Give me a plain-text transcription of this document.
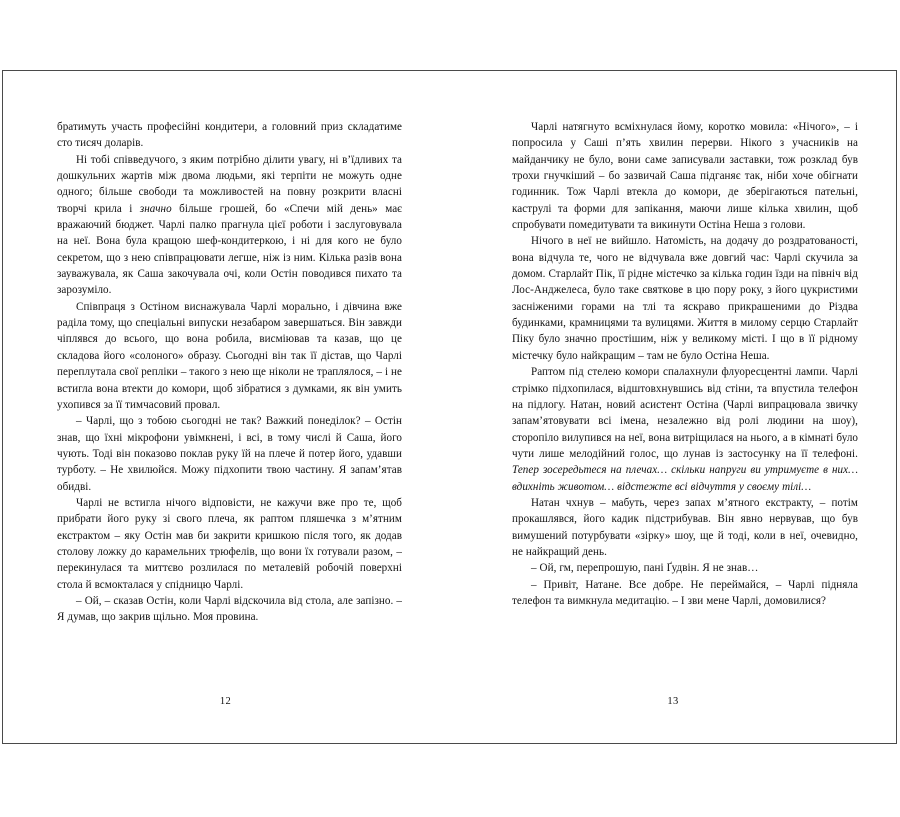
братимуть участь професійні кондитери, а головний приз складатиме сто тисяч доларів.

Ні тобі співведучого, з яким потрібно ділити увагу, ні в’їдливих та дошкульних жартів між двома людьми, які терпіти не можуть одне одного; більше свободи та можливостей на повну розкрити власні творчі крила і значно більше грошей, бо «Спечи мій день» має вражаючий бюджет. Чарлі палко прагнула цієї роботи і заслуговувала на неї. Вона була кращою шеф-кондитеркою, і ні для кого не було секретом, що з нею співпрацювати легше, ніж із ним. Кілька разів вона зауважувала, як Саша закочувала очі, коли Остін поводився пихато та зарозуміло.

Співпраця з Остіном виснажувала Чарлі морально, і дівчина вже раділа тому, що спеціальні випуски незабаром завершаться. Він завжди чіплявся до всього, що вона робила, висміював та казав, що це складова його «солоного» образу. Сьогодні він так її дістав, що Чарлі переплутала свої репліки – такого з нею ще ніколи не траплялося, – і не встигла вона втекти до комори, щоб зібратися з думками, як він умить ухопився за її тимчасовий провал.

– Чарлі, що з тобою сьогодні не так? Важкий понеділок? – Остін знав, що їхні мікрофони увімкнені, і всі, в тому числі й Саша, його чують. Тоді він показово поклав руку їй на плече й потер його, удавши турботу. – Не хвилюйся. Можу підхопити твою частину. Я запам’ятав обидві.

Чарлі не встигла нічого відповісти, не кажучи вже про те, щоб прибрати його руку зі свого плеча, як раптом пляшечка з м’ятним екстрактом – яку Остін мав би закрити кришкою після того, як додав столову ложку до карамельних трюфелів, що вони їх готували разом, – перекинулася та миттєво розлилася по металевій робочій поверхні стола й всмокталася у спідницю Чарлі.

– Ой, – сказав Остін, коли Чарлі відскочила від стола, але запізно. – Я думав, що закрив щільно. Моя провина.

12

Чарлі натягнуто всміхнулася йому, коротко мовила: «Нічого», – і попросила у Саші п’ять хвилин перерви. Нікого з учасників на майданчику не було, вони саме записували заставки, тож розклад був трохи гнучкіший – бо зазвичай Саша підганяє так, ніби хоче обігнати годинник. Тож Чарлі втекла до комори, де зберігаються пательні, каструлі та форми для запікання, маючи лише кілька хвилин, щоб спробувати помедитувати та викинути Остіна Неша з голови.

Нічого в неї не вийшло. Натомість, на додачу до роздратованості, вона відчула те, чого не відчувала вже довгий час: Чарлі скучила за домом. Старлайт Пік, її рідне містечко за кілька годин їзди на північ від Лос-Анджелеса, було таке святкове в цю пору року, з його цукристими засніженими горами на тлі та яскраво прикрашеними до Різдва будинками, крамницями та вулицями. Життя в милому серцю Старлайт Піку було значно простішим, ніж у великому місті. І що в її рідному містечку було найкращим – там не було Остіна Неша.

Раптом під стелею комори спалахнули флуоресцентні лампи. Чарлі стрімко підхопилася, відштовхнувшись від стіни, та впустила телефон на підлогу. Натан, новий асистент Остіна (Чарлі випрацювала звичку запам’ятовувати всі імена, незалежно від ролі людини на шоу), сторопіло вилупився на неї, вона витріщилася на нього, а в кімнаті було чути лише мелодійний голос, що лунав із застосунку на її телефоні. Тепер зосередьтеся на плечах… скільки напруги ви утримуєте в них… вдихніть животом… відстежте всі відчуття у своєму тілі…

Натан чхнув – мабуть, через запах м’ятного екстракту, – потім прокашлявся, його кадик підстрибував. Він явно нервував, що був вимушений потурбувати «зірку» шоу, ще й тоді, коли в неї, очевидно, не найкращий день.

– Ой, гм, перепрошую, пані Ґудвін. Я не знав…

– Привіт, Натане. Все добре. Не переймайся, – Чарлі підняла телефон та вимкнула медитацію. – І зви мене Чарлі, домовилися?

13
